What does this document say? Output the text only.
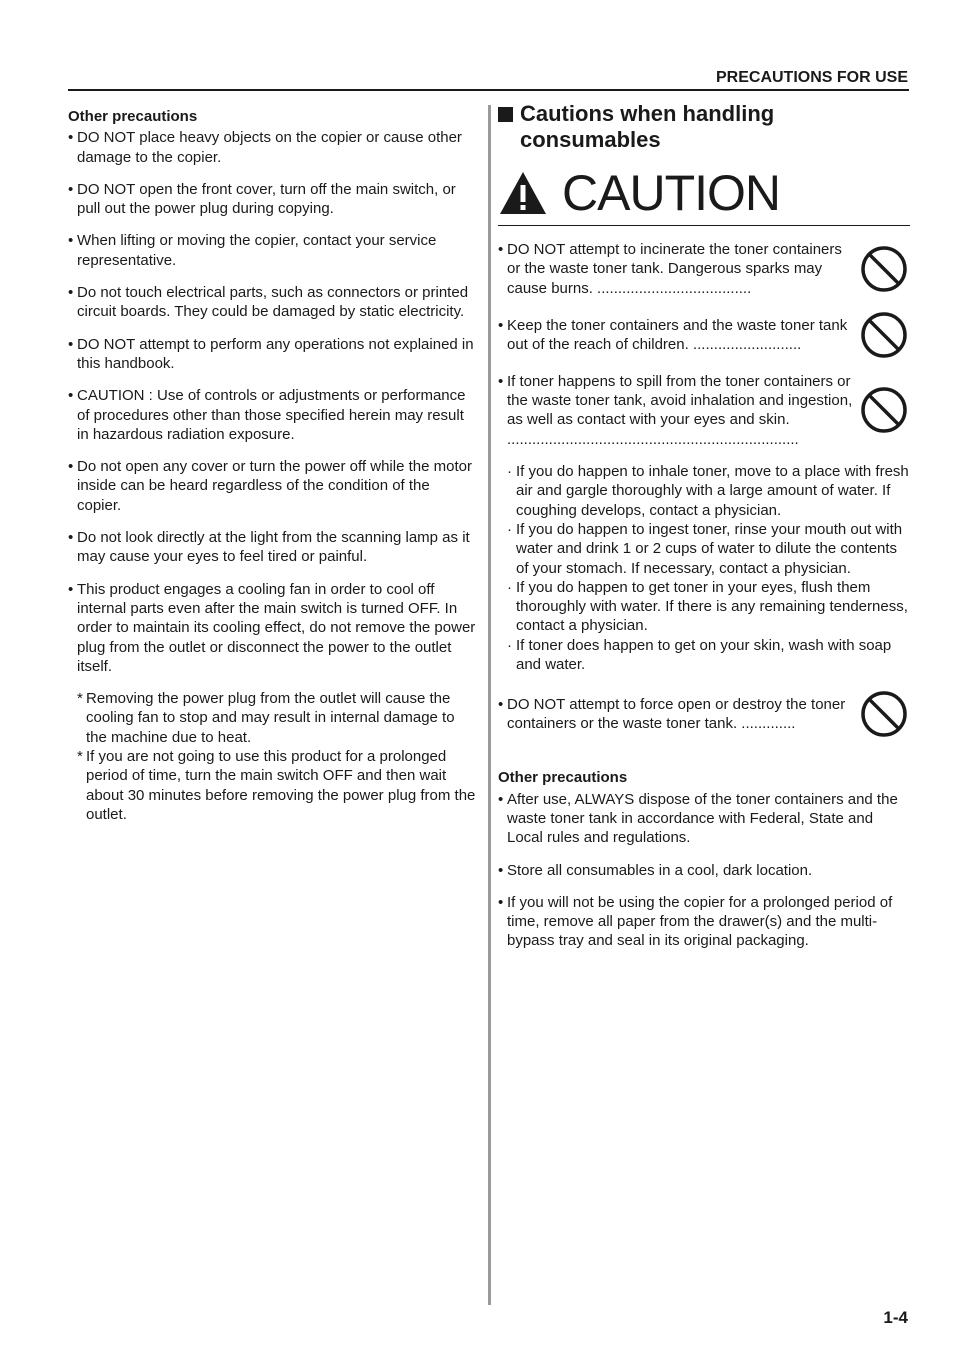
PRECAUTIONS FOR USE
Other precautions
• DO NOT place heavy objects on the copier or cause other damage to the copier.
• DO NOT open the front cover, turn off the main switch, or pull out the power plug during copying.
• When lifting or moving the copier, contact your service representative.
• Do not touch electrical parts, such as connectors or printed circuit boards. They could be damaged by static electricity.
• DO NOT attempt to perform any operations not explained in this handbook.
• CAUTION : Use of controls or adjustments or performance of procedures other than those specified herein may result in hazardous radiation exposure.
• Do not open any cover or turn the power off while the motor inside can be heard regardless of the condition of the copier.
• Do not look directly at the light from the scanning lamp as it may cause your eyes to feel tired or painful.
• This product engages a cooling fan in order to cool off internal parts even after the main switch is turned OFF. In order to maintain its cooling effect, do not remove the power plug from the outlet or disconnect the power to the outlet itself.
* Removing the power plug from the outlet will cause the cooling fan to stop and may result in internal damage to the machine due to heat.
* If you are not going to use this product for a prolonged period of time, turn the main switch OFF and then wait about 30 minutes before removing the power plug from the outlet.
Cautions when handling consumables
CAUTION
• DO NOT attempt to incinerate the toner containers or the waste toner tank. Dangerous sparks may cause burns. .....................................
• Keep the toner containers and the waste toner tank out of the reach of children. ..........................
• If toner happens to spill from the toner containers or the waste toner tank, avoid inhalation and ingestion, as well as contact with your eyes and skin. ......................................................................
· If you do happen to inhale toner, move to a place with fresh air and gargle thoroughly with a large amount of water. If coughing develops, contact a physician.
· If you do happen to ingest toner, rinse your mouth out with water and drink 1 or 2 cups of water to dilute the contents of your stomach. If necessary, contact a physician.
· If you do happen to get toner in your eyes, flush them thoroughly with water. If there is any remaining tenderness, contact a physician.
· If toner does happen to get on your skin, wash with soap and water.
• DO NOT attempt to force open or destroy the toner containers or the waste toner tank. .............
Other precautions
• After use, ALWAYS dispose of the toner containers and the waste toner tank in accordance with Federal, State and Local rules and regulations.
• Store all consumables in a cool, dark location.
• If you will not be using the copier for a prolonged period of time, remove all paper from the drawer(s) and the multi-bypass tray and seal in its original packaging.
1-4
